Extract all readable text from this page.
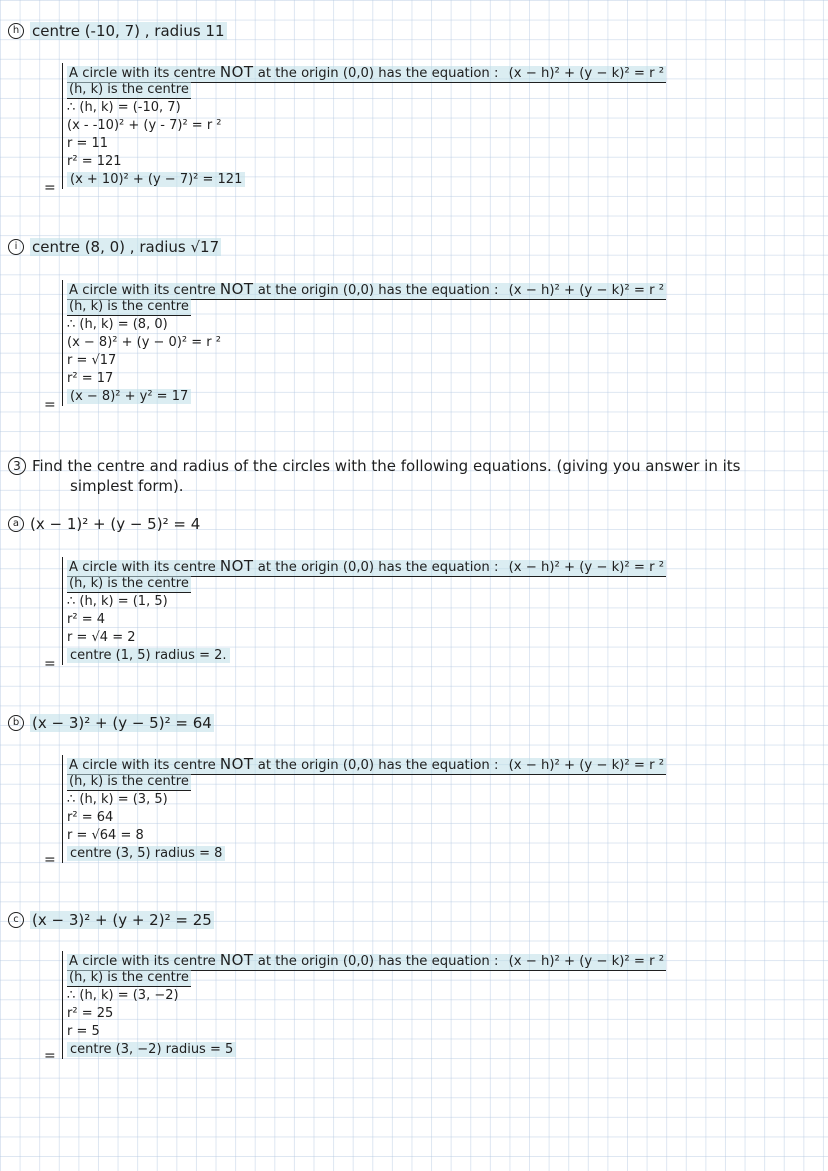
h centre (-10, 7) , radius 11
A circle with its centre NOT at the origin (0,0) has the equation : (x − h)² + (y − k)² = r ²
(h, k) is the centre
∴ (h, k) = (-10, 7)
(x - -10)² + (y - 7)² = r ²
r = 11
r² = 121
(x + 10)² + (y − 7)² = 121
=
i centre (8, 0) , radius √17
A circle with its centre NOT at the origin (0,0) has the equation : (x − h)² + (y − k)² = r ²
(h, k) is the centre
∴ (h, k) = (8, 0)
(x − 8)² + (y − 0)² = r ²
r = √17
r² = 17
(x − 8)² + y² = 17
=
3 Find the centre and radius of the circles with the following equations. (giving you answer in its
simplest form).
a (x − 1)² + (y − 5)² = 4
A circle with its centre NOT at the origin (0,0) has the equation : (x − h)² + (y − k)² = r ²
(h, k) is the centre
∴ (h, k) = (1, 5)
r² = 4
r = √4 = 2
centre (1, 5) radius = 2.
=
b (x − 3)² + (y − 5)² = 64
A circle with its centre NOT at the origin (0,0) has the equation : (x − h)² + (y − k)² = r ²
(h, k) is the centre
∴ (h, k) = (3, 5)
r² = 64
r = √64 = 8
centre (3, 5) radius = 8
=
c (x − 3)² + (y + 2)² = 25
A circle with its centre NOT at the origin (0,0) has the equation : (x − h)² + (y − k)² = r ²
(h, k) is the centre
∴ (h, k) = (3, −2)
r² = 25
r = 5
centre (3, −2) radius = 5
=
